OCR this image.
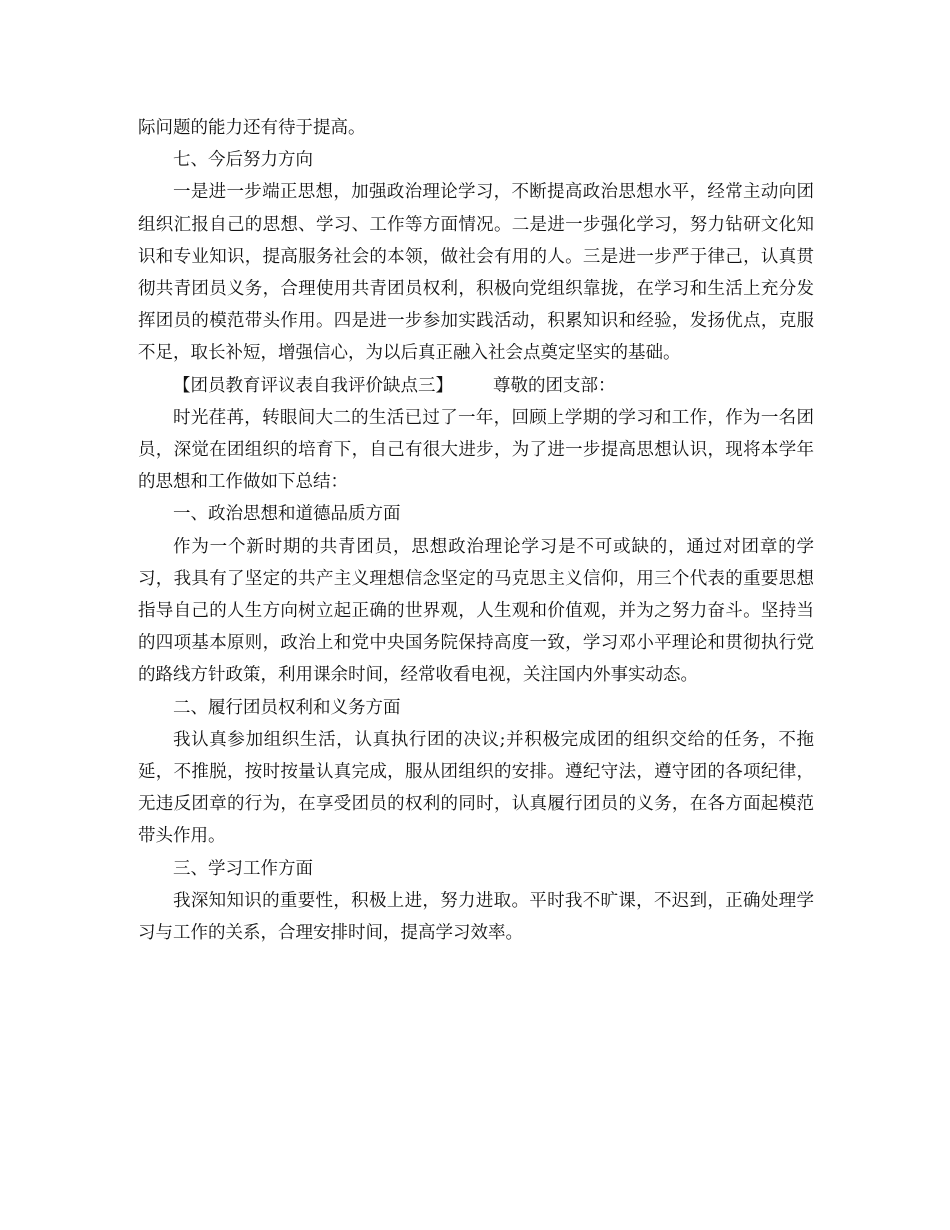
际问题的能力还有待于提高。

七、今后努力方向

一是进一步端正思想，加强政治理论学习，不断提高政治思想水平，经常主动向团组织汇报自己的思想、学习、工作等方面情况。二是进一步强化学习，努力钻研文化知识和专业知识，提高服务社会的本领，做社会有用的人。三是进一步严于律己，认真贯彻共青团员义务，合理使用共青团员权利，积极向党组织靠拢，在学习和生活上充分发挥团员的模范带头作用。四是进一步参加实践活动，积累知识和经验，发扬优点，克服不足，取长补短，增强信心，为以后真正融入社会点奠定坚实的基础。

【团员教育评议表自我评价缺点三】 尊敬的团支部：

时光荏苒，转眼间大二的生活已过了一年，回顾上学期的学习和工作，作为一名团员，深觉在团组织的培育下，自己有很大进步，为了进一步提高思想认识，现将本学年的思想和工作做如下总结：

一、政治思想和道德品质方面

作为一个新时期的共青团员，思想政治理论学习是不可或缺的，通过对团章的学习，我具有了坚定的共产主义理想信念坚定的马克思主义信仰，用三个代表的重要思想指导自己的人生方向树立起正确的世界观，人生观和价值观，并为之努力奋斗。坚持当的四项基本原则，政治上和党中央国务院保持高度一致，学习邓小平理论和贯彻执行党的路线方针政策，利用课余时间，经常收看电视，关注国内外事实动态。

二、履行团员权利和义务方面

我认真参加组织生活，认真执行团的决议;并积极完成团的组织交给的任务，不拖延，不推脱，按时按量认真完成，服从团组织的安排。遵纪守法，遵守团的各项纪律，无违反团章的行为，在享受团员的权利的同时，认真履行团员的义务，在各方面起模范带头作用。

三、学习工作方面

我深知知识的重要性，积极上进，努力进取。平时我不旷课，不迟到，正确处理学习与工作的关系，合理安排时间，提高学习效率。
